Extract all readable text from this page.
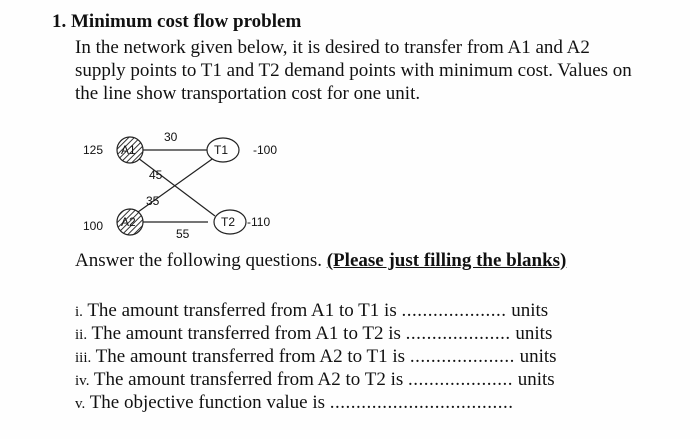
1. Minimum cost flow problem
In the network given below, it is desired to transfer from A1 and A2
supply points to T1 and T2 demand points with minimum cost. Values on
the line show transportation cost for one unit.
A1
A2
T1
T2
125
100
-100
-110
30
45
35
55
Answer the following questions. (Please just filling the blanks)
i. The amount transferred from A1 to T1 is .................... units
ii. The amount transferred from A1 to T2 is .................... units
iii. The amount transferred from A2 to T1 is .................... units
iv. The amount transferred from A2 to T2 is .................... units
v. The objective function value is ...................................
